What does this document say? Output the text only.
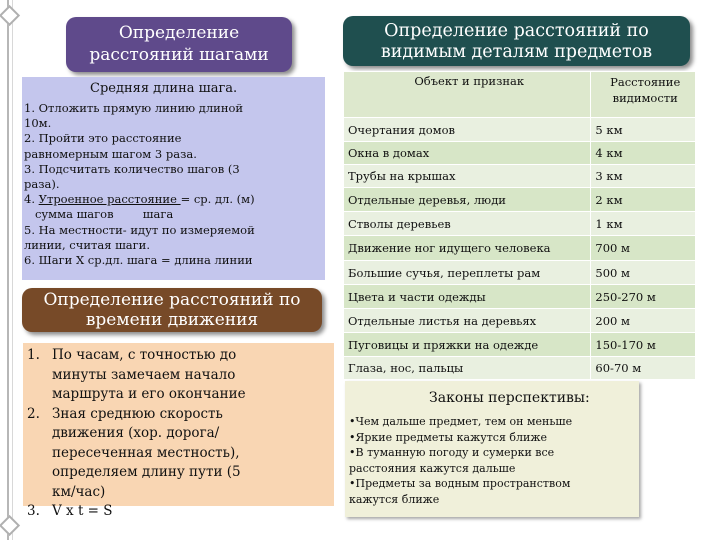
Определение расстояний шагами
Определение расстояний по видимым деталям предметов
Средняя длина шага.
1. Отложить прямую линию длиной
10м.
2. Пройти это расстояние
равномерным шагом 3 раза.
3. Подсчитать количество шагов (3
раза).
4. Утроенное расстояние = ср. дл. (м)
сумма шагов        шага
5. На местности- идут по измеряемой
линии, считая шаги.
6. Шаги Х ср.дл. шага = длина линии
Определение расстояний по времени движения
1. По часам, с точностью до
минуты замечаем начало
маршрута и его окончание
2. Зная среднюю скорость
движения (хор. дорога/
пересеченная местность),
определяем длину пути (5
км/час)
3. V х t = S
Объект и признак	Расстояние видимости
Очертания домов	5 км
Окна в домах	4 км
Трубы на крышах	3 км
Отдельные деревья, люди	2 км
Стволы деревьев	1 км
Движение ног идущего человека	700 м
Большие сучья, переплеты рам	500 м
Цвета и части одежды	250-270 м
Отдельные листья на деревьях	200 м
Пуговицы и пряжки на одежде	150-170 м
Глаза, нос, пальцы	60-70 м
Законы перспективы:
•Чем дальше предмет, тем он меньше
•Яркие предметы кажутся ближе
•В туманную погоду и сумерки все
расстояния кажутся дальше
•Предметы за водным пространством
кажутся ближе
